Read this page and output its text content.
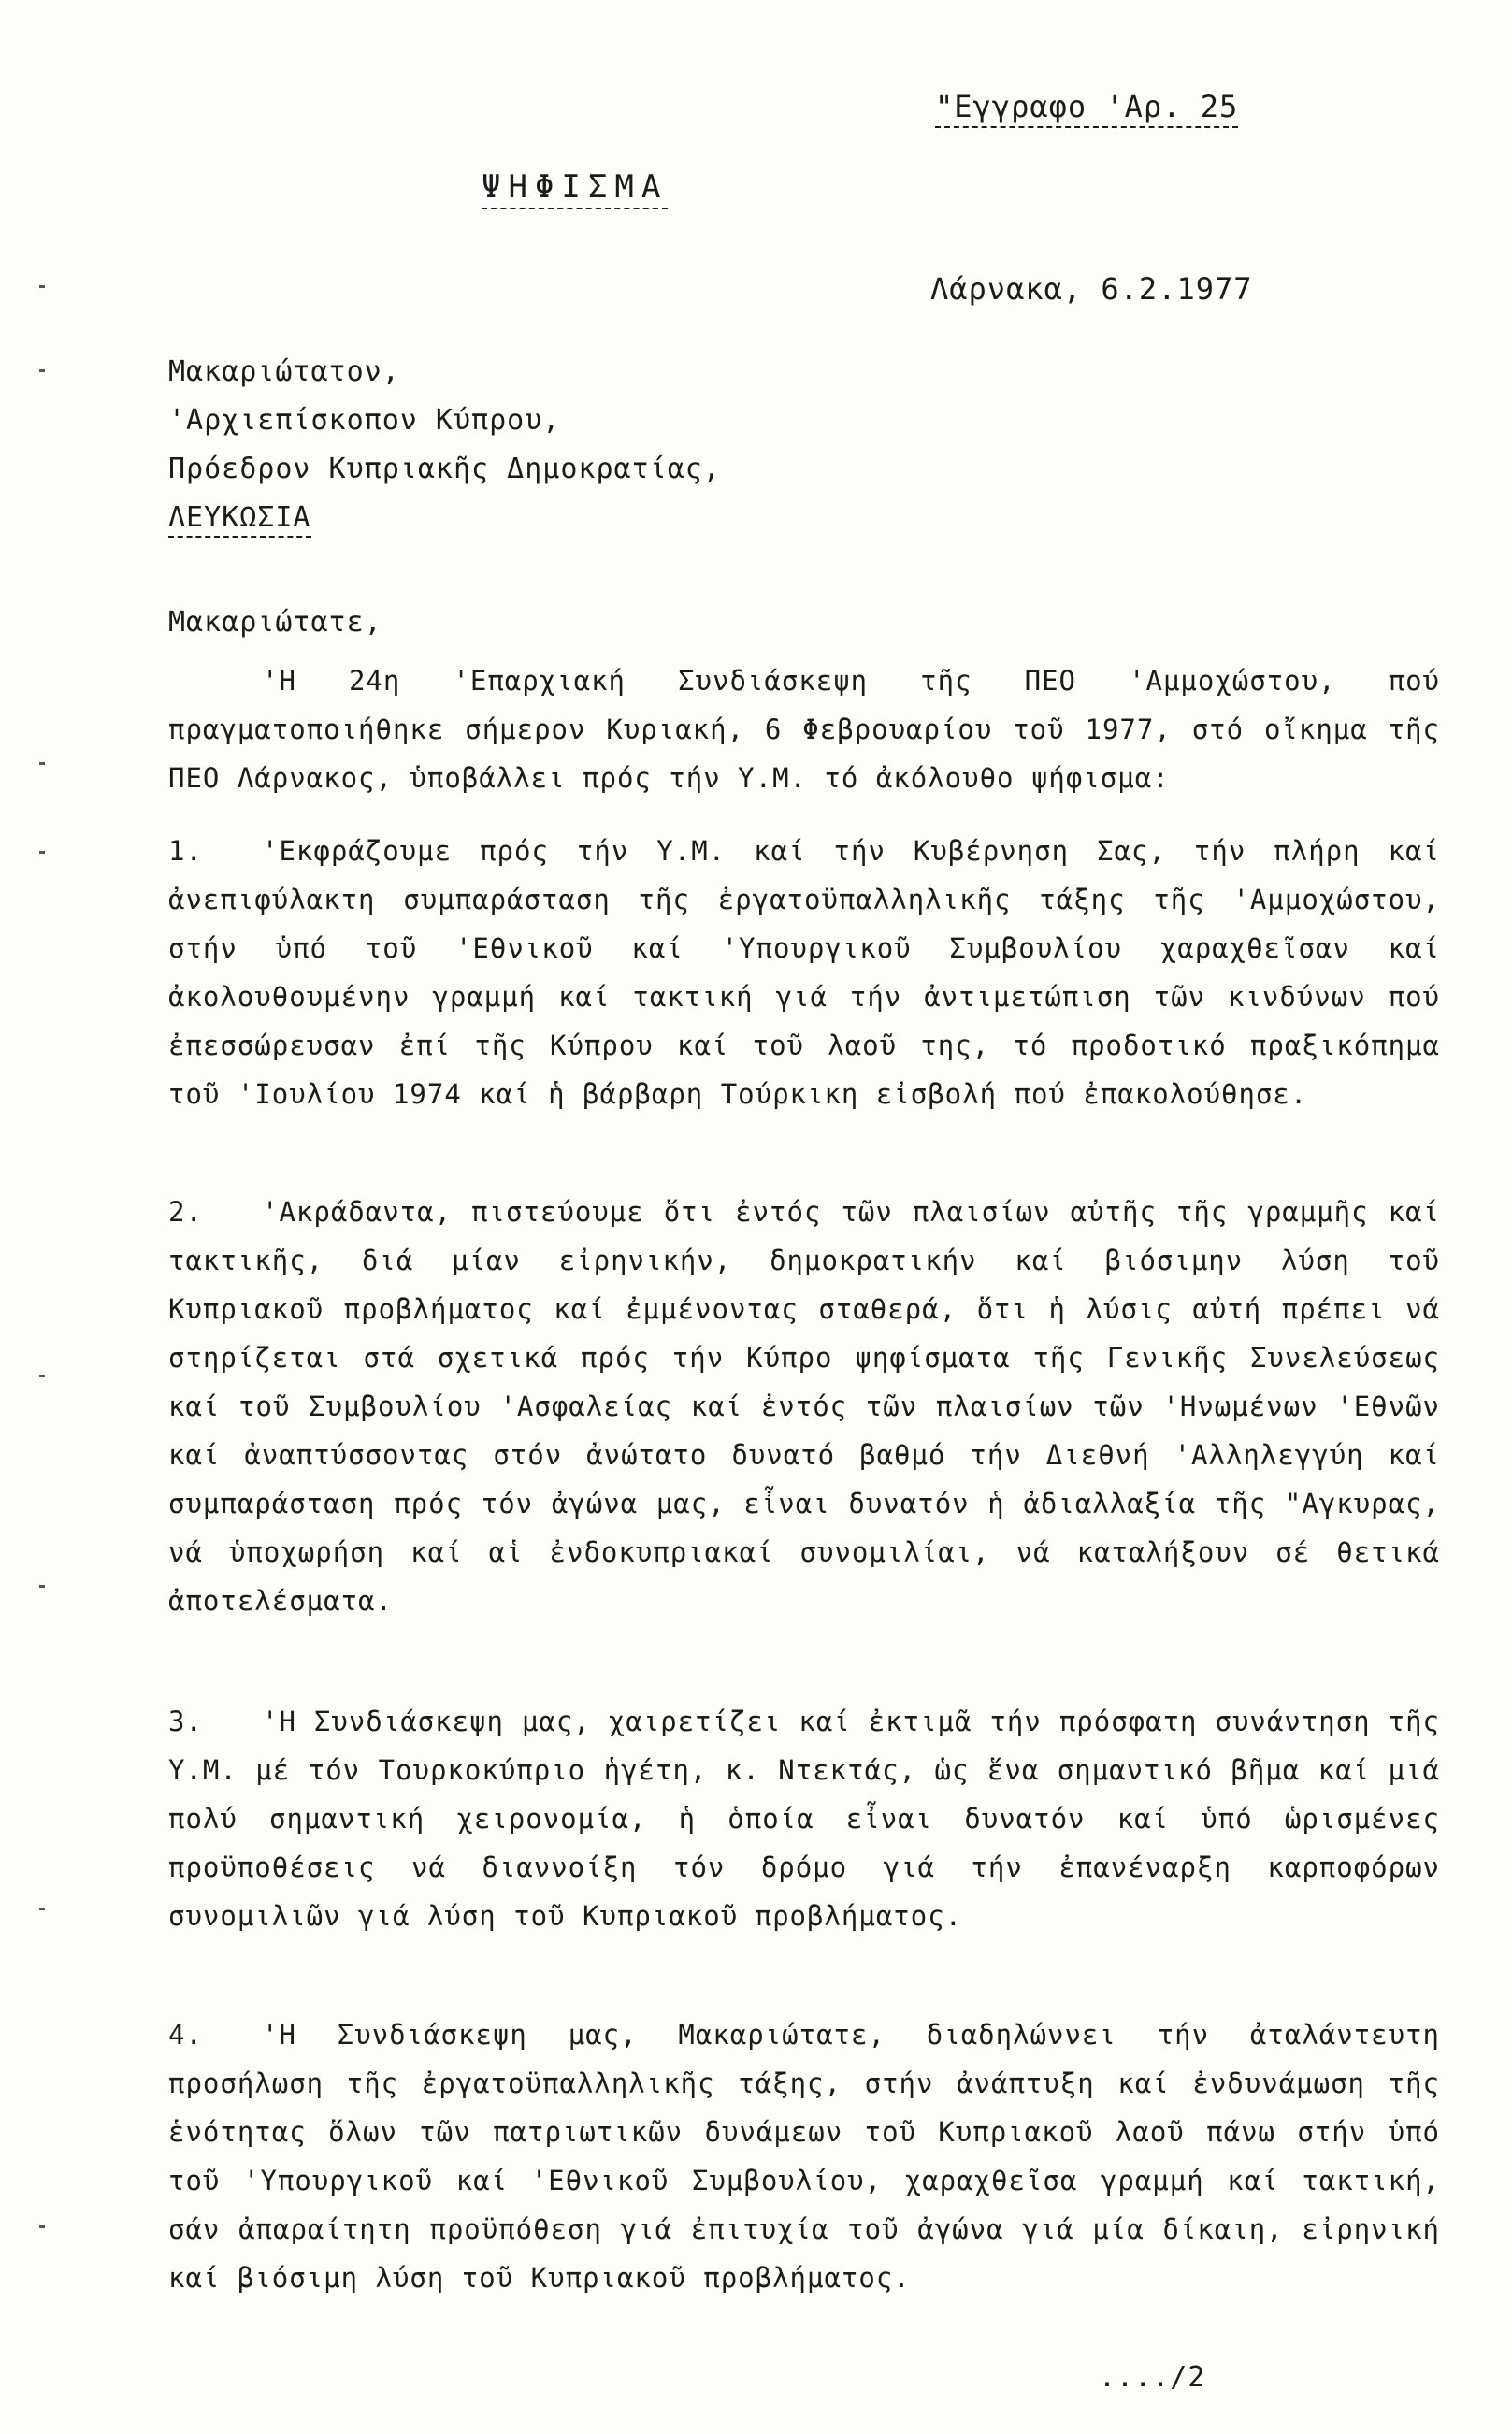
"Εγγραφο 'Αρ. 25
ΨΗΦΙΣΜΑ
Λάρνακα, 6.2.1977
Μακαριώτατον,
'Αρχιεπίσκοπον Κύπρου,
Πρόεδρον Κυπριακῆς Δημοκρατίας,
ΛΕΥΚΩΣΙΑ
Μακαριώτατε,
'Η 24η 'Επαρχιακή Συνδιάσκεψη τῆς ΠΕΟ 'Αμμοχώστου, πού πραγματοποιήθηκε σήμερον Κυριακή, 6 Φεβρουαρίου τοῦ 1977, στό οἴκημα τῆς ΠΕΟ Λάρνακος, ὑποβάλλει πρός τήν Υ.Μ. τό ἀκόλουθο ψήφισμα:
1. 'Εκφράζουμε πρός τήν Υ.Μ. καί τήν Κυβέρνηση Σας, τήν πλήρη καί ἀνεπιφύλακτη συμπαράσταση τῆς ἐργατοϋπαλληλικῆς τάξης τῆς 'Αμμοχώστου, στήν ὑπό τοῦ 'Εθνικοῦ καί 'Υπουργικοῦ Συμβουλίου χαραχθεῖσαν καί ἀκολουθουμένην γραμμή καί τακτική γιά τήν ἀντιμετώπιση τῶν κινδύνων πού ἐπεσσώρευσαν ἐπί τῆς Κύπρου καί τοῦ λαοῦ της, τό προδοτικό πραξικόπημα τοῦ 'Ιουλίου 1974 καί ἡ βάρβαρη Τούρκικη εἰσβολή πού ἐπακολούθησε.
2. 'Ακράδαντα, πιστεύουμε ὅτι ἐντός τῶν πλαισίων αὐτῆς τῆς γραμμῆς καί τακτικῆς, διά μίαν εἰρηνικήν, δημοκρατικήν καί βιόσιμην λύση τοῦ Κυπριακοῦ προβλήματος καί ἐμμένοντας σταθερά, ὅτι ἡ λύσις αὐτή πρέπει νά στηρίζεται στά σχετικά πρός τήν Κύπρο ψηφίσματα τῆς Γενικῆς Συνελεύσεως καί τοῦ Συμβουλίου 'Ασφαλείας καί ἐντός τῶν πλαισίων τῶν 'Ηνωμένων 'Εθνῶν καί ἀναπτύσσοντας στόν ἀνώτατο δυνατό βαθμό τήν Διεθνή 'Αλληλεγγύη καί συμπαράσταση πρός τόν ἀγώνα μας, εἶναι δυνατόν ἡ ἀδιαλλαξία τῆς "Αγκυρας, νά ὑποχωρήση καί αἱ ἐνδοκυπριακαί συνομιλίαι, νά καταλήξουν σέ θετικά ἀποτελέσματα.
3. 'Η Συνδιάσκεψη μας, χαιρετίζει καί ἐκτιμᾶ τήν πρόσφατη συνάντηση τῆς Υ.Μ. μέ τόν Τουρκοκύπριο ἡγέτη, κ. Ντεκτάς, ὡς ἕνα σημαντικό βῆμα καί μιά πολύ σημαντική χειρονομία, ἡ ὁποία εἶναι δυνατόν καί ὑπό ὡρισμένες προϋποθέσεις νά διαννοίξη τόν δρόμο γιά τήν ἐπανέναρξη καρποφόρων συνομιλιῶν γιά λύση τοῦ Κυπριακοῦ προβλήματος.
4. 'Η Συνδιάσκεψη μας, Μακαριώτατε, διαδηλώννει τήν ἀταλάντευτη προσήλωση τῆς ἐργατοϋπαλληλικῆς τάξης, στήν ἀνάπτυξη καί ἐνδυνάμωση τῆς ἑνότητας ὅλων τῶν πατριωτικῶν δυνάμεων τοῦ Κυπριακοῦ λαοῦ πάνω στήν ὑπό τοῦ 'Υπουργικοῦ καί 'Εθνικοῦ Συμβουλίου, χαραχθεῖσα γραμμή καί τακτική, σάν ἀπαραίτητη προϋπόθεση γιά ἐπιτυχία τοῦ ἀγώνα γιά μία δίκαιη, εἰρηνική καί βιόσιμη λύση τοῦ Κυπριακοῦ προβλήματος.
..../2
